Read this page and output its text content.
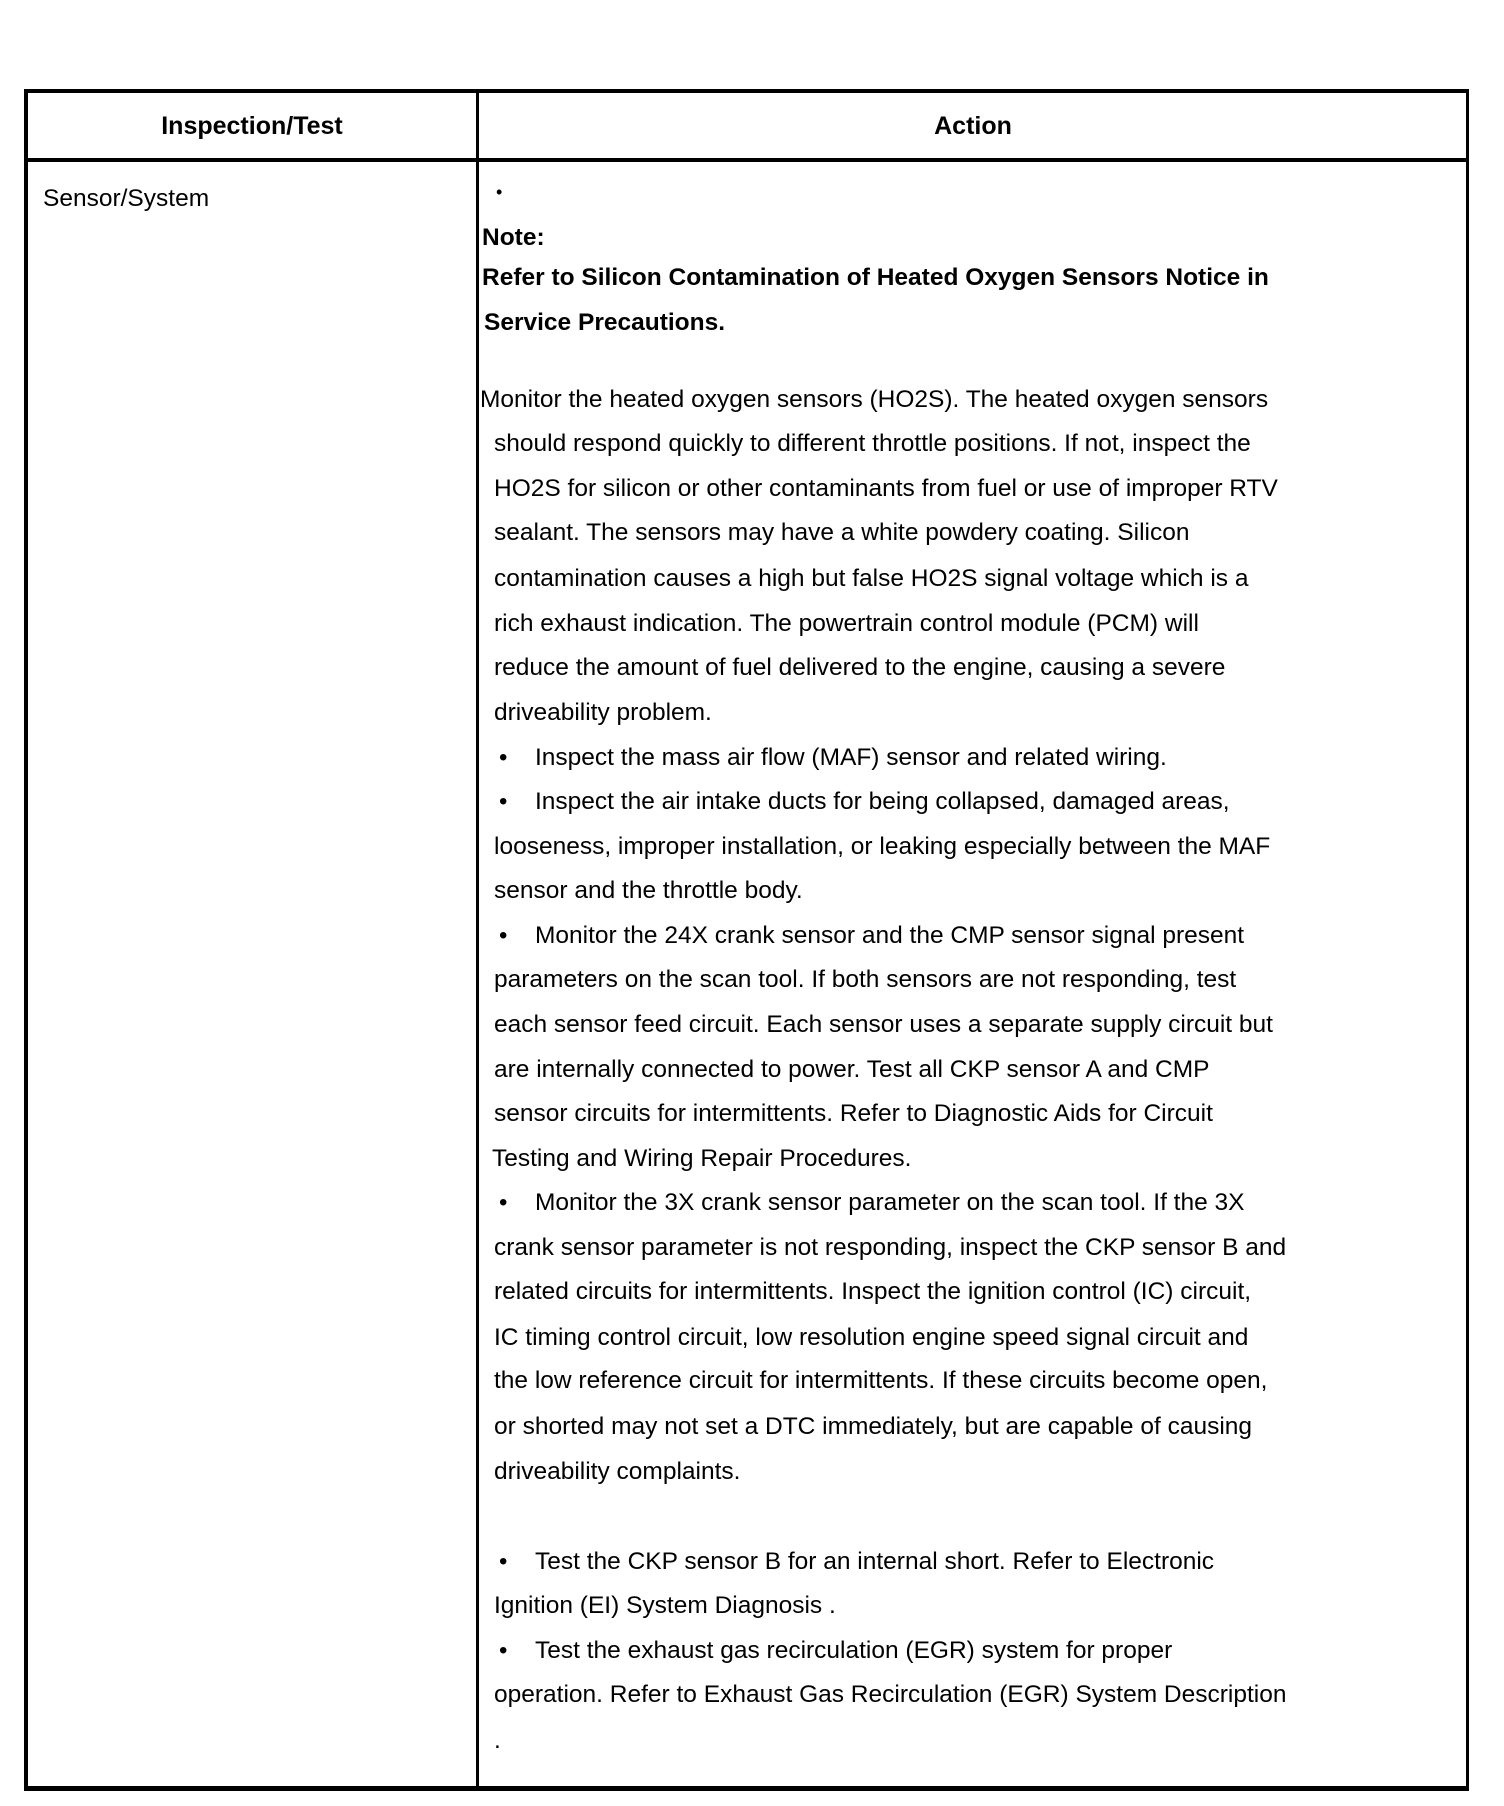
Inspection/Test	Action
Sensor/System	•
Note:
Refer to Silicon Contamination of Heated Oxygen Sensors Notice in
Service Precautions.
Monitor the heated oxygen sensors (HO2S). The heated oxygen sensors
should respond quickly to different throttle positions. If not, inspect the
HO2S for silicon or other contaminants from fuel or use of improper RTV
sealant. The sensors may have a white powdery coating. Silicon
contamination causes a high but false HO2S signal voltage which is a
rich exhaust indication. The powertrain control module (PCM) will
reduce the amount of fuel delivered to the engine, causing a severe
driveability problem.
• Inspect the mass air flow (MAF) sensor and related wiring.
• Inspect the air intake ducts for being collapsed, damaged areas,
looseness, improper installation, or leaking especially between the MAF
sensor and the throttle body.
• Monitor the 24X crank sensor and the CMP sensor signal present
parameters on the scan tool. If both sensors are not responding, test
each sensor feed circuit. Each sensor uses a separate supply circuit but
are internally connected to power. Test all CKP sensor A and CMP
sensor circuits for intermittents. Refer to Diagnostic Aids for Circuit
Testing and Wiring Repair Procedures.
• Monitor the 3X crank sensor parameter on the scan tool. If the 3X
crank sensor parameter is not responding, inspect the CKP sensor B and
related circuits for intermittents. Inspect the ignition control (IC) circuit,
IC timing control circuit, low resolution engine speed signal circuit and
the low reference circuit for intermittents. If these circuits become open,
or shorted may not set a DTC immediately, but are capable of causing
driveability complaints.
• Test the CKP sensor B for an internal short. Refer to Electronic
Ignition (EI) System Diagnosis .
• Test the exhaust gas recirculation (EGR) system for proper
operation. Refer to Exhaust Gas Recirculation (EGR) System Description
.
